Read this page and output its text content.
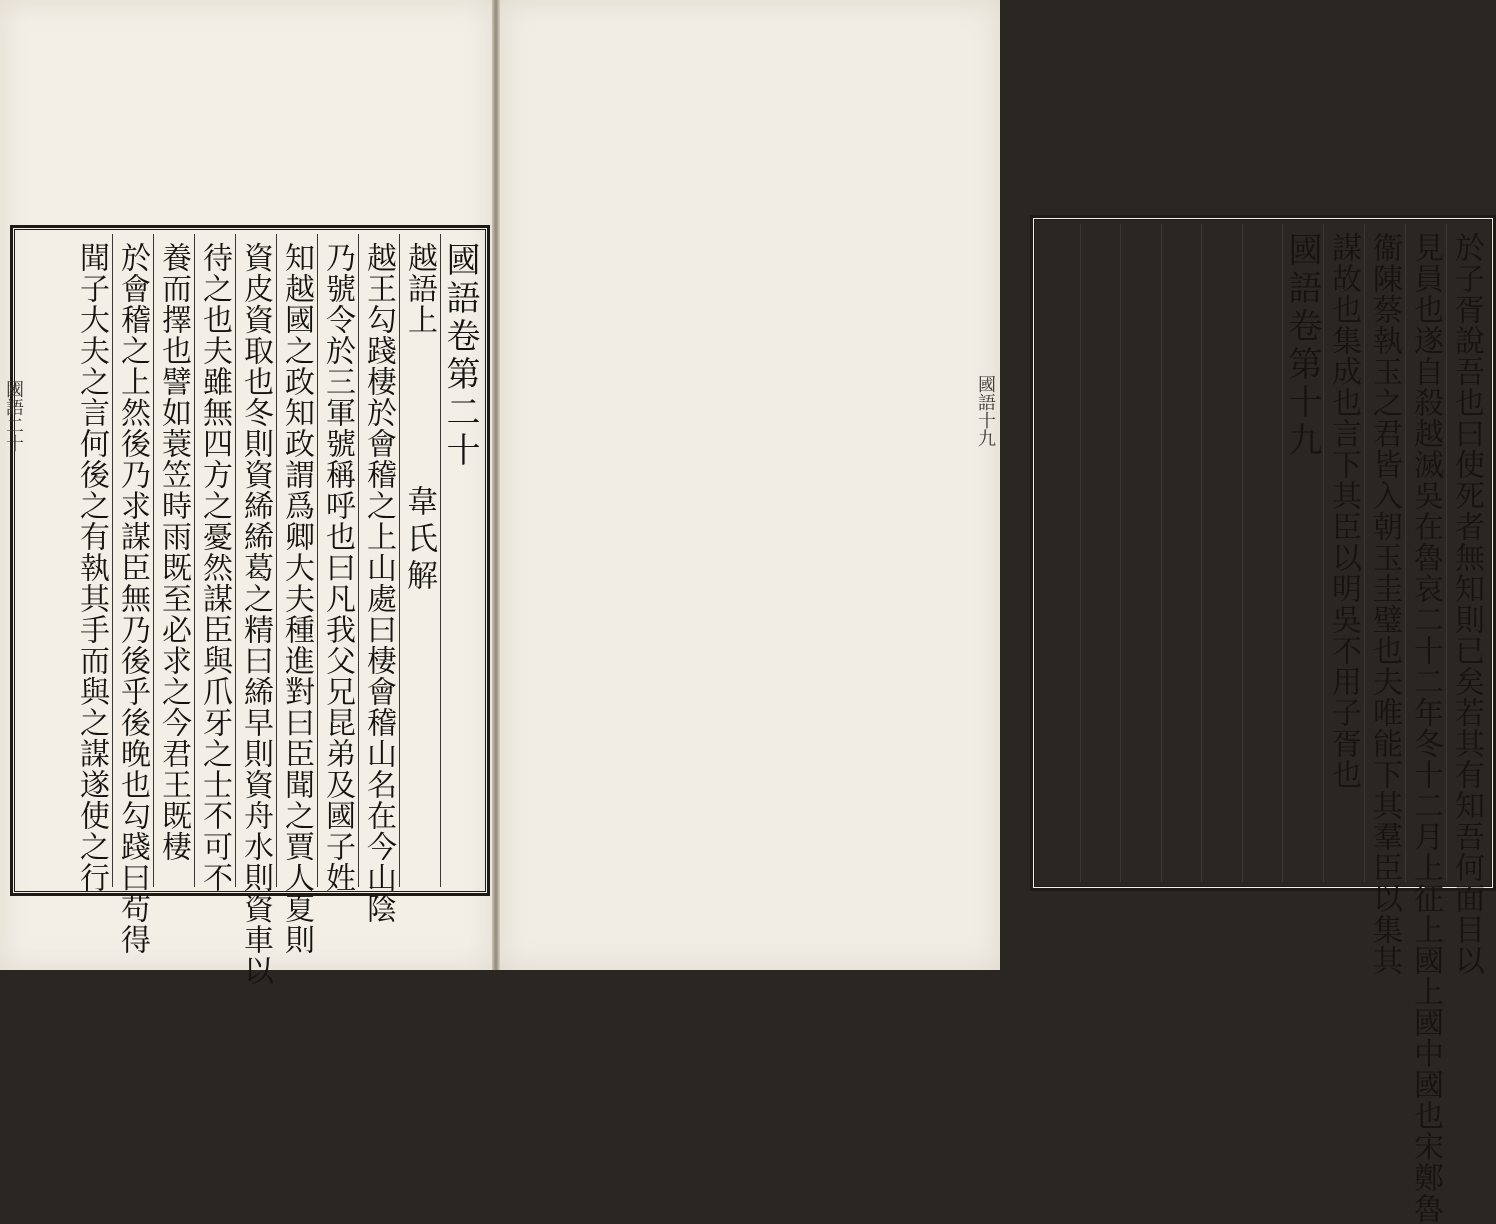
國語卷第二十
越語上韋氏解
越王勾踐棲於會稽之上山處曰棲會稽山名在今山陰
乃號令於三軍號稱呼也曰凡我父兄昆弟及國子姓
知越國之政知政謂爲卿大夫種進對曰臣聞之賈人夏則
資皮資取也冬則資絺絺葛之精曰絺早則資舟水則資車以
待之也夫雖無四方之憂然謀臣與爪牙之士不可不
養而擇也譬如蓑笠時雨既至必求之今君王既棲
於會稽之上然後乃求謀臣無乃後乎後晚也勾踐曰苟得
聞子大夫之言何後之有執其手而與之謀遂使之行
國語二十	於子胥說吾也曰使死者無知則已矣若其有知吾何面目以
見員也遂自殺越滅吳在魯哀二十二年冬十二月上征上國上國中國也宋鄭魯
衞陳蔡執玉之君皆入朝玉圭璧也夫唯能下其羣臣以集其
謀故也集成也言下其臣以明吳不用子胥也
國語卷第十九
國語十九
